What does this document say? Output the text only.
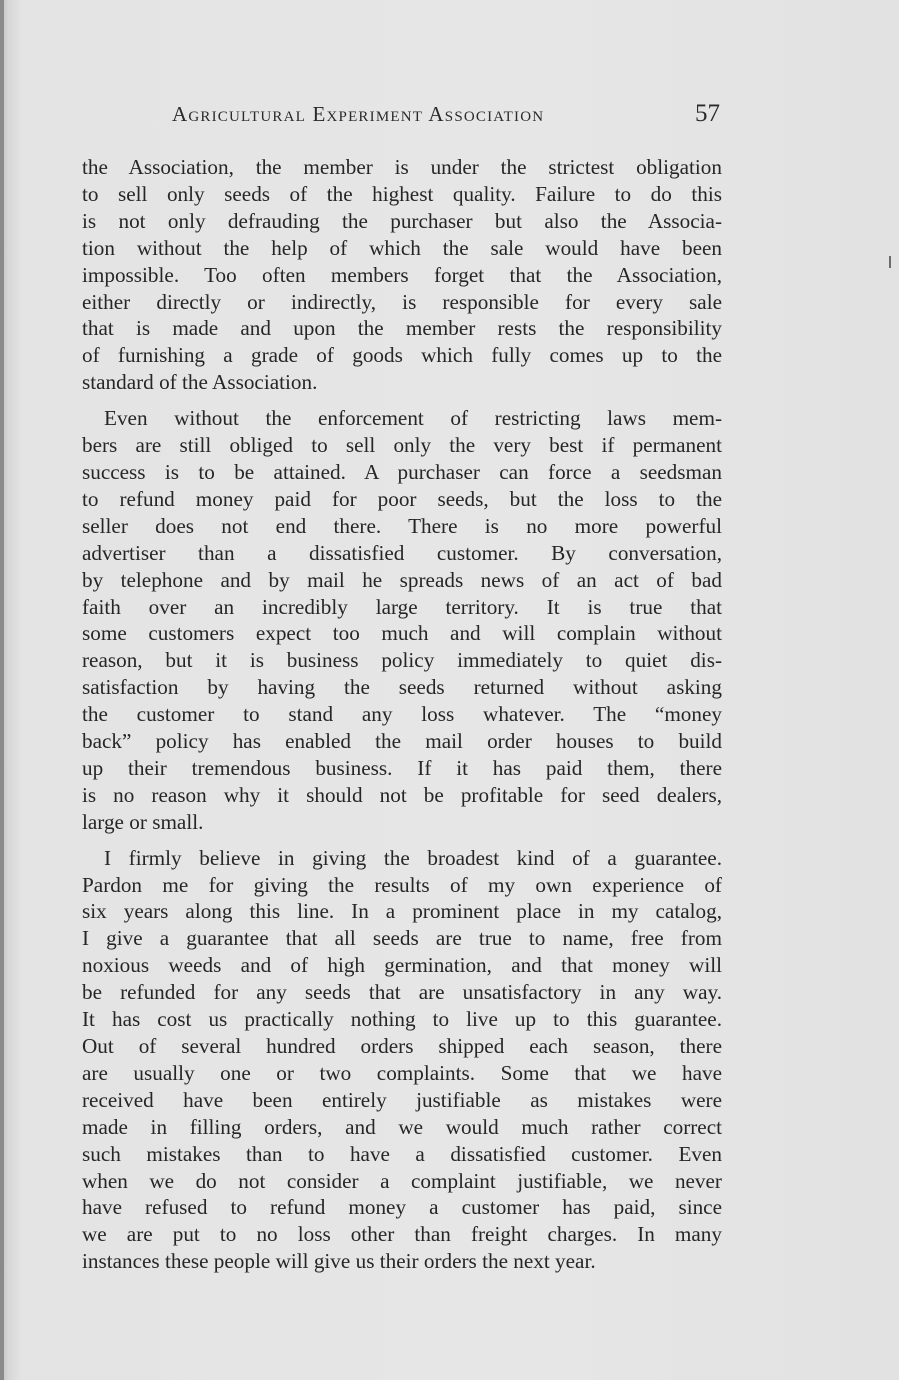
Agricultural Experiment Association	57
the Association, the member is under the strictest obligation
to sell only seeds of the highest quality. Failure to do this
is not only defrauding the purchaser but also the Associa-
tion without the help of which the sale would have been
impossible. Too often members forget that the Association,
either directly or indirectly, is responsible for every sale
that is made and upon the member rests the responsibility
of furnishing a grade of goods which fully comes up to the
standard of the Association.
Even without the enforcement of restricting laws mem-
bers are still obliged to sell only the very best if permanent
success is to be attained. A purchaser can force a seedsman
to refund money paid for poor seeds, but the loss to the
seller does not end there. There is no more powerful
advertiser than a dissatisfied customer. By conversation,
by telephone and by mail he spreads news of an act of bad
faith over an incredibly large territory. It is true that
some customers expect too much and will complain without
reason, but it is business policy immediately to quiet dis-
satisfaction by having the seeds returned without asking
the customer to stand any loss whatever. The “money
back” policy has enabled the mail order houses to build
up their tremendous business. If it has paid them, there
is no reason why it should not be profitable for seed dealers,
large or small.
I firmly believe in giving the broadest kind of a guarantee.
Pardon me for giving the results of my own experience of
six years along this line. In a prominent place in my catalog,
I give a guarantee that all seeds are true to name, free from
noxious weeds and of high germination, and that money will
be refunded for any seeds that are unsatisfactory in any way.
It has cost us practically nothing to live up to this guarantee.
Out of several hundred orders shipped each season, there
are usually one or two complaints. Some that we have
received have been entirely justifiable as mistakes were
made in filling orders, and we would much rather correct
such mistakes than to have a dissatisfied customer. Even
when we do not consider a complaint justifiable, we never
have refused to refund money a customer has paid, since
we are put to no loss other than freight charges. In many
instances these people will give us their orders the next year.
